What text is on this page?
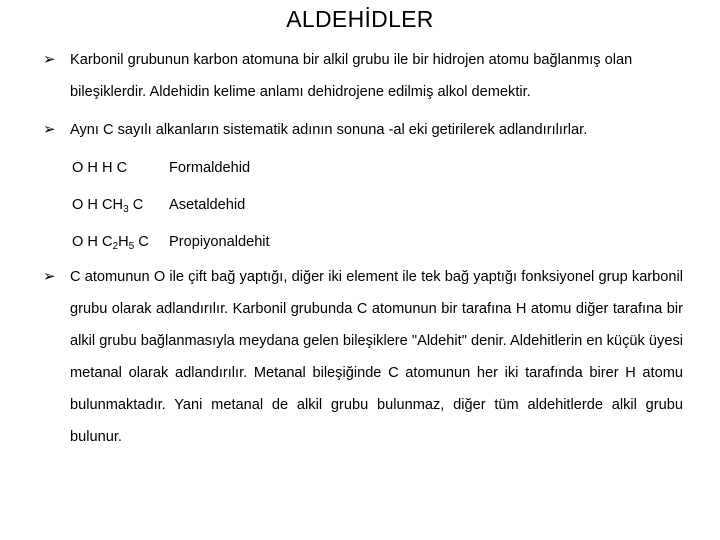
ALDEHİDLER
➢ Karbonil grubunun karbon atomuna bir alkil grubu ile bir hidrojen atomu bağlanmış olan bileşiklerdir. Aldehidin kelime anlamı dehidrojene edilmiş alkol demektir.
➢ Aynı C sayılı alkanların sistematik adının sonuna -al eki getirilerek adlandırılırlar.
O H H C	Formaldehid
O H $CH_3$ C Asetaldehid
O H $C_2H_5$ C Propiyonaldehit
➢ C atomunun O ile çift bağ yaptığı, diğer iki element ile tek bağ yaptığı fonksiyonel grup karbonil grubu olarak adlandırılır. Karbonil grubunda C atomunun bir tarafına H atomu diğer tarafına bir alkil grubu bağlanmasıyla meydana gelen bileşiklere "Aldehit" denir. Aldehitlerin en küçük üyesi metanal olarak adlandırılır. Metanal bileşiğinde C atomunun her iki tarafında birer H atomu bulunmaktadır. Yani metanal de alkil grubu bulunmaz, diğer tüm aldehitlerde alkil grubu bulunur.
